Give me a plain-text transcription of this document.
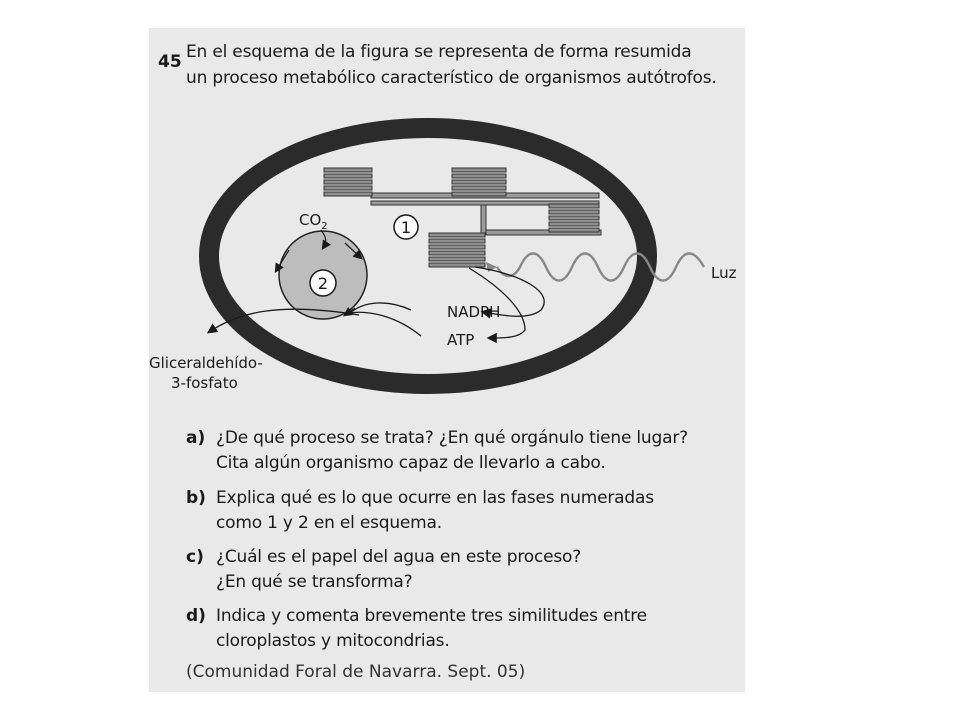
45 En el esquema de la figura se representa de forma resumida
un proceso metabólico característico de organismos autótrofos.
1
Luz
2
$CO_2$
NADPH
ATP
Gliceraldehído-
3-fosfato
a) ¿De qué proceso se trata? ¿En qué orgánulo tiene lugar?
Cita algún organismo capaz de llevarlo a cabo.
b) Explica qué es lo que ocurre en las fases numeradas
como 1 y 2 en el esquema.
c) ¿Cuál es el papel del agua en este proceso?
¿En qué se transforma?
d) Indica y comenta brevemente tres similitudes entre
cloroplastos y mitocondrias.
(Comunidad Foral de Navarra. Sept. 05)
